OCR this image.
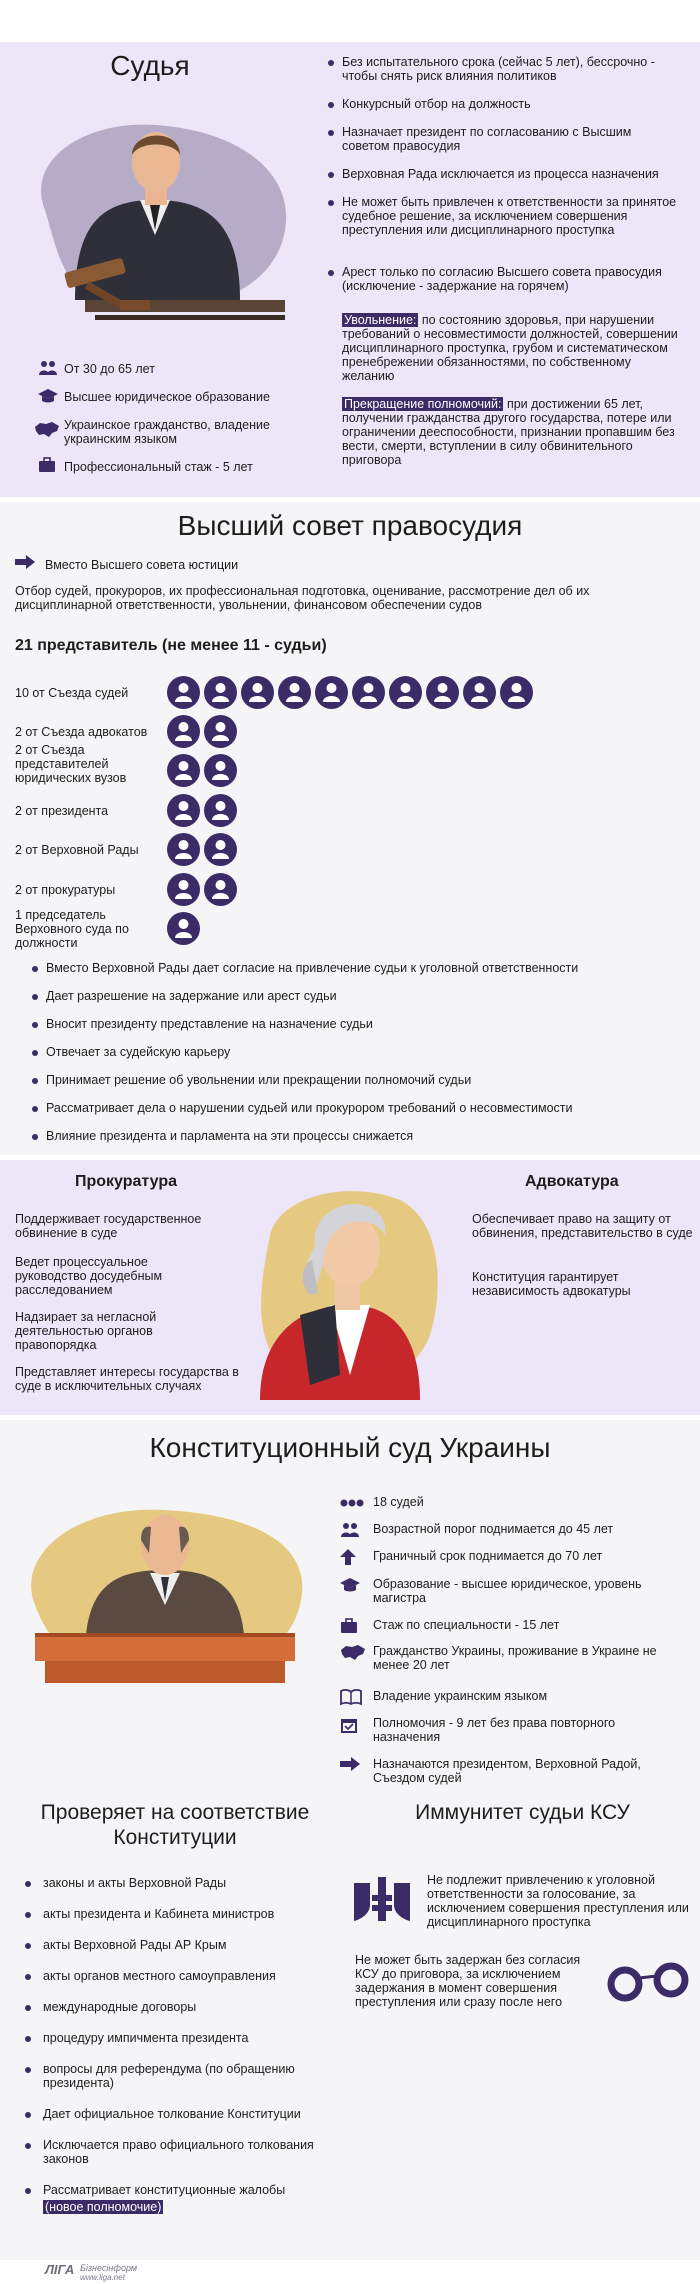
Судья
От 30 до 65 лет
Высшее юридическое образование
Украинское гражданство, владение украинским языком
Профессиональный стаж - 5 лет
Без испытательного срока (сейчас 5 лет), бессрочно - чтобы снять риск влияния политиков
Конкурсный отбор на должность
Назначает президент по согласованию с Высшим советом правосудия
Верховная Рада исключается из процесса назначения
Не может быть привлечен к ответственности за принятое судебное решение, за исключением совершения преступления или дисциплинарного проступка
Арест только по согласию Высшего совета правосудия (исключение - задержание на горячем)
Увольнение: по состоянию здоровья, при нарушении требований о несовместимости должностей, совершении дисциплинарного проступка, грубом и систематическом пренебрежении обязанностями, по собственному желанию
Прекращение полномочий: при достижении 65 лет, получении гражданства другого государства, потере или ограничении дееспособности, признании пропавшим без вести, смерти, вступлении в силу обвинительного приговора
Высший совет правосудия
Вместо Высшего совета юстиции
Отбор судей, прокуроров, их профессиональная подготовка, оценивание, рассмотрение дел об их дисциплинарной ответственности, увольнении, финансовом обеспечении судов
21 представитель (не менее 11 - судьи)
10 от Съезда судей
2 от Съезда адвокатов
2 от Съезда представителей юридических вузов
2 от президента
2 от Верховной Рады
2 от прокуратуры
1 председатель Верховного суда по должности
Вместо Верховной Рады дает согласие на привлечение судьи к уголовной ответственности
Дает разрешение на задержание или арест судьи
Вносит президенту представление на назначение судьи
Отвечает за судейскую карьеру
Принимает решение об увольнении или прекращении полномочий судьи
Рассматривает дела о нарушении судьей или прокурором требований о несовместимости
Влияние президента и парламента на эти процессы снижается
Прокуратура
Поддерживает государственное обвинение в суде
Ведет процессуальное руководство досудебным расследованием
Надзирает за негласной деятельностью органов правопорядка
Представляет интересы государства в суде в исключительных случаях
Адвокатура
Обеспечивает право на защиту от обвинения, представительство в суде
Конституция гарантирует независимость адвокатуры
Конституционный суд Украины
18 судей
Возрастной порог поднимается до 45 лет
Граничный срок поднимается до 70 лет
Образование - высшее юридическое, уровень магистра
Стаж по специальности - 15 лет
Гражданство Украины, проживание в Украине не менее 20 лет
Владение украинским языком
Полномочия - 9 лет без права повторного назначения
Назначаются президентом, Верховной Радой, Съездом судей
Проверяет на соответствие Конституции
законы и акты Верховной Рады
акты президента и Кабинета министров
акты Верховной Рады АР Крым
акты органов местного самоуправления
международные договоры
процедуру импичмента президента
вопросы для референдума (по обращению президента)
Дает официальное толкование Конституции
Исключается право официального толкования законов
Рассматривает конституционные жалобы
(новое полномочие)
Иммунитет судьи КСУ
Не подлежит привлечению к уголовной ответственности за голосование, за исключением совершения преступления или дисциплинарного проступка
Не может быть задержан без согласия КСУ до приговора, за исключением задержания в момент совершения преступления или сразу после него
ЛІГА Бізнесінформ
www.liga.net
